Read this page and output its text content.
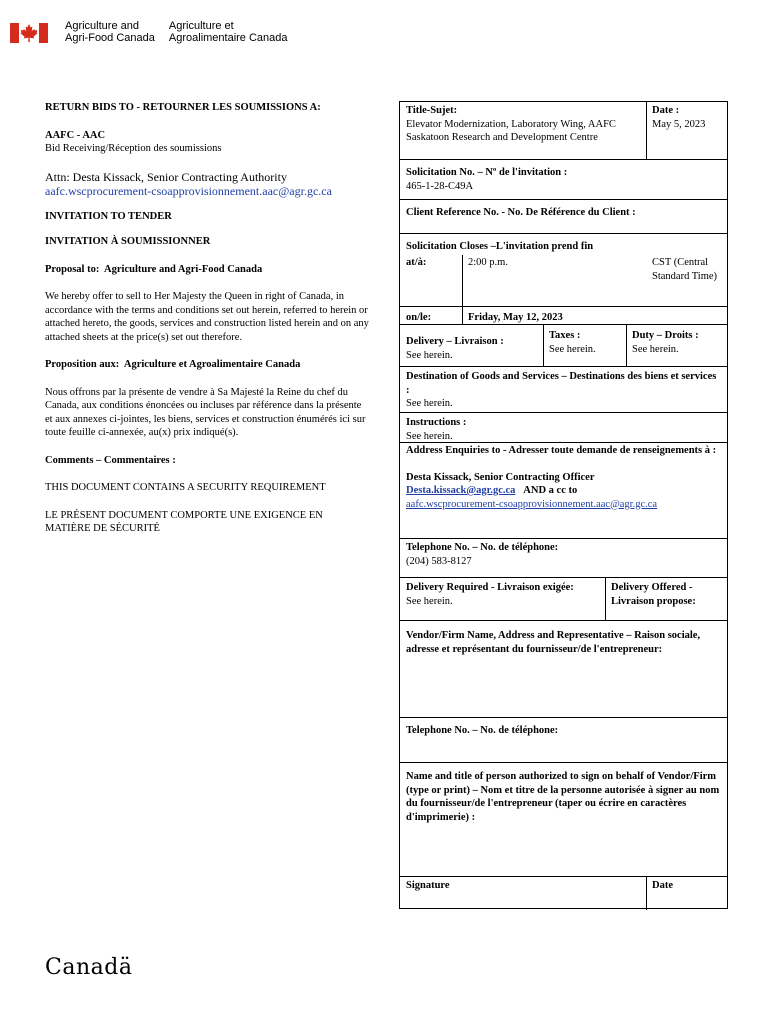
Agriculture and
Agri-Food Canada
Agriculture et
Agroalimentaire Canada

RETURN BIDS TO - RETOURNER LES SOUMISSIONS A:

AAFC - AAC

Bid Receiving/Réception des soumissions

Attn: Desta Kissack, Senior Contracting Authority

aafc.wscprocurement-csoapprovisionnement.aac@agr.gc.ca

INVITATION TO TENDER

INVITATION À SOUMISSIONNER

Proposal to: Agriculture and Agri-Food Canada

We hereby offer to sell to Her Majesty the Queen in right of Canada, in accordance with the terms and conditions set out herein, referred to herein or attached hereto, the goods, services and construction listed herein and on any attached sheets at the price(s) set out therefore.

Proposition aux: Agriculture et Agroalimentaire Canada

Nous offrons par la présente de vendre à Sa Majesté la Reine du chef du Canada, aux conditions énoncées ou incluses par référence dans la présente et aux annexes ci-jointes, les biens, services et construction énumérés ici sur toute feuille ci-annexée, au(x) prix indiqué(s).

Comments – Commentaires :

THIS DOCUMENT CONTAINS A SECURITY REQUIREMENT

LE PRÉSENT DOCUMENT COMPORTE UNE EXIGENCE EN MATIÈRE DE SÉCURITÉ

Title-Sujet:
Elevator Modernization, Laboratory Wing, AAFC Saskatoon Research and Development Centre
Date :
May 5, 2023
Solicitation No. – Nº de l'invitation :
465-1-28-C49A
Client Reference No. - No. De Référence du Client :
Solicitation Closes –L'invitation prend fin
at/à:	2:00 p.m.	CST (Central Standard Time)
on/le:	Friday, May 12, 2023
Delivery – Livraison :
See herein.
Taxes :
See herein.
Duty – Droits :
See herein.
Destination of Goods and Services – Destinations des biens et services :
See herein.
Instructions :
See herein.
Address Enquiries to - Adresser toute demande de renseignements à :
Desta Kissack, Senior Contracting Officer
Desta.kissack@agr.gc.ca AND a cc to
aafc.wscprocurement-csoapprovisionnement.aac@agr.gc.ca
Telephone No. – No. de téléphone:
(204) 583-8127
Delivery Required - Livraison exigée:
See herein.
Delivery Offered - Livraison propose:
Vendor/Firm Name, Address and Representative – Raison sociale, adresse et représentant du fournisseur/de l'entrepreneur:
Telephone No. – No. de téléphone:
Name and title of person authorized to sign on behalf of Vendor/Firm (type or print) – Nom et titre de la personne autorisée à signer au nom du fournisseur/de l'entrepreneur (taper ou écrire en caractères d'imprimerie) :
Signature	Date
Canadä
